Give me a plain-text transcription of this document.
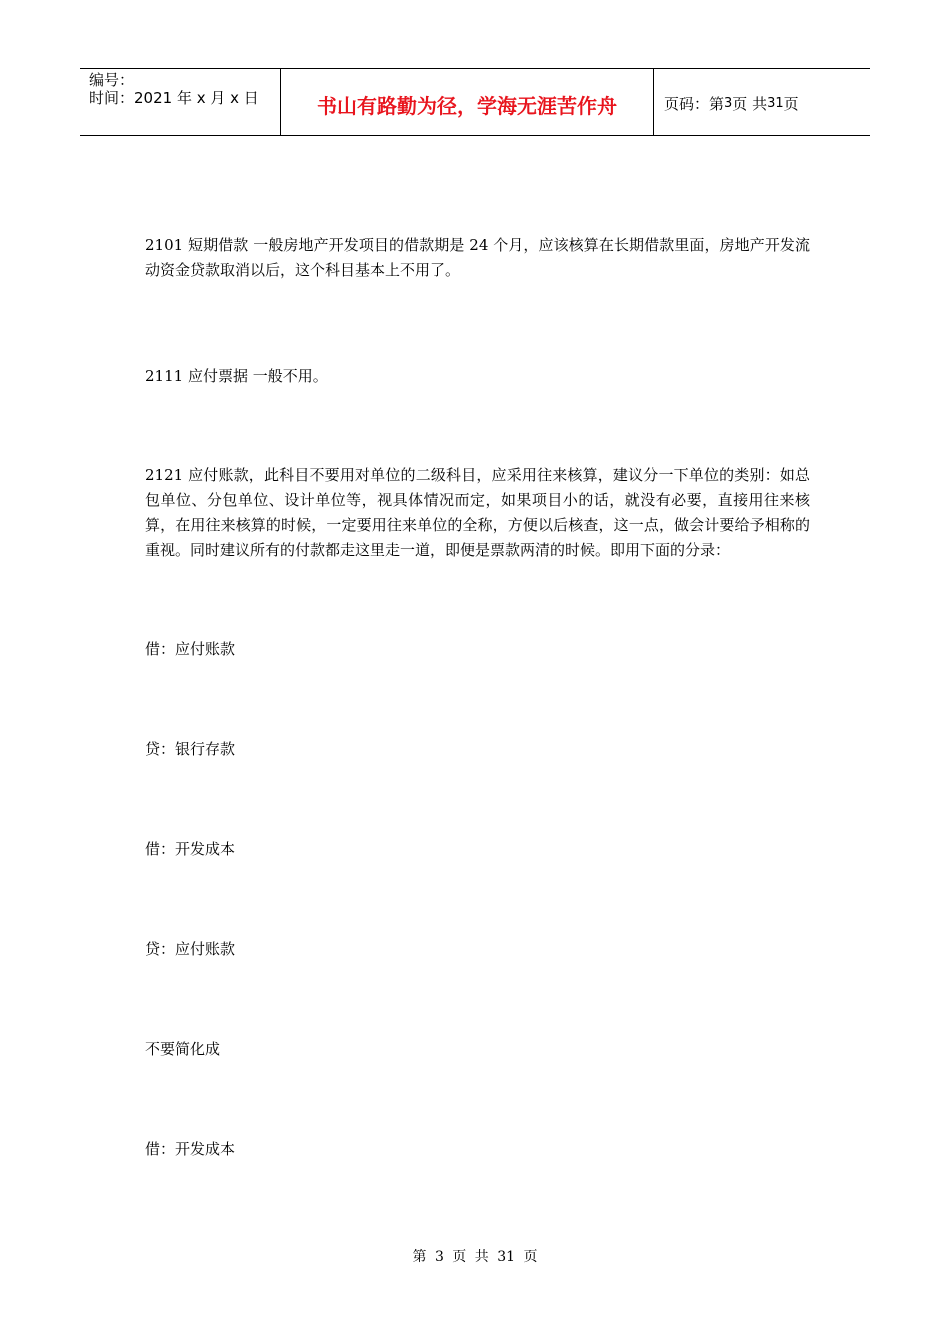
编号：
时间：2021 年 x 月 x 日	书山有路勤为径，学海无涯苦作舟	页码：第 3 页 共 31 页

2101 短期借款 一般房地产开发项目的借款期是 24 个月，应该核算在长期借款里面，房地产开发流动资金贷款取消以后，这个科目基本上不用了。

2111 应付票据 一般不用。

2121 应付账款，此科目不要用对单位的二级科目，应采用往来核算，建议分一下单位的类别：如总包单位、分包单位、设计单位等，视具体情况而定，如果项目小的话，就没有必要，直接用往来核算，在用往来核算的时候，一定要用往来单位的全称，方便以后核查，这一点，做会计要给予相称的重视。同时建议所有的付款都走这里走一道，即便是票款两清的时候。即用下面的分录：

借：应付账款

贷：银行存款

借：开发成本

贷：应付账款

不要简化成

借：开发成本

第 3 页 共 31 页
